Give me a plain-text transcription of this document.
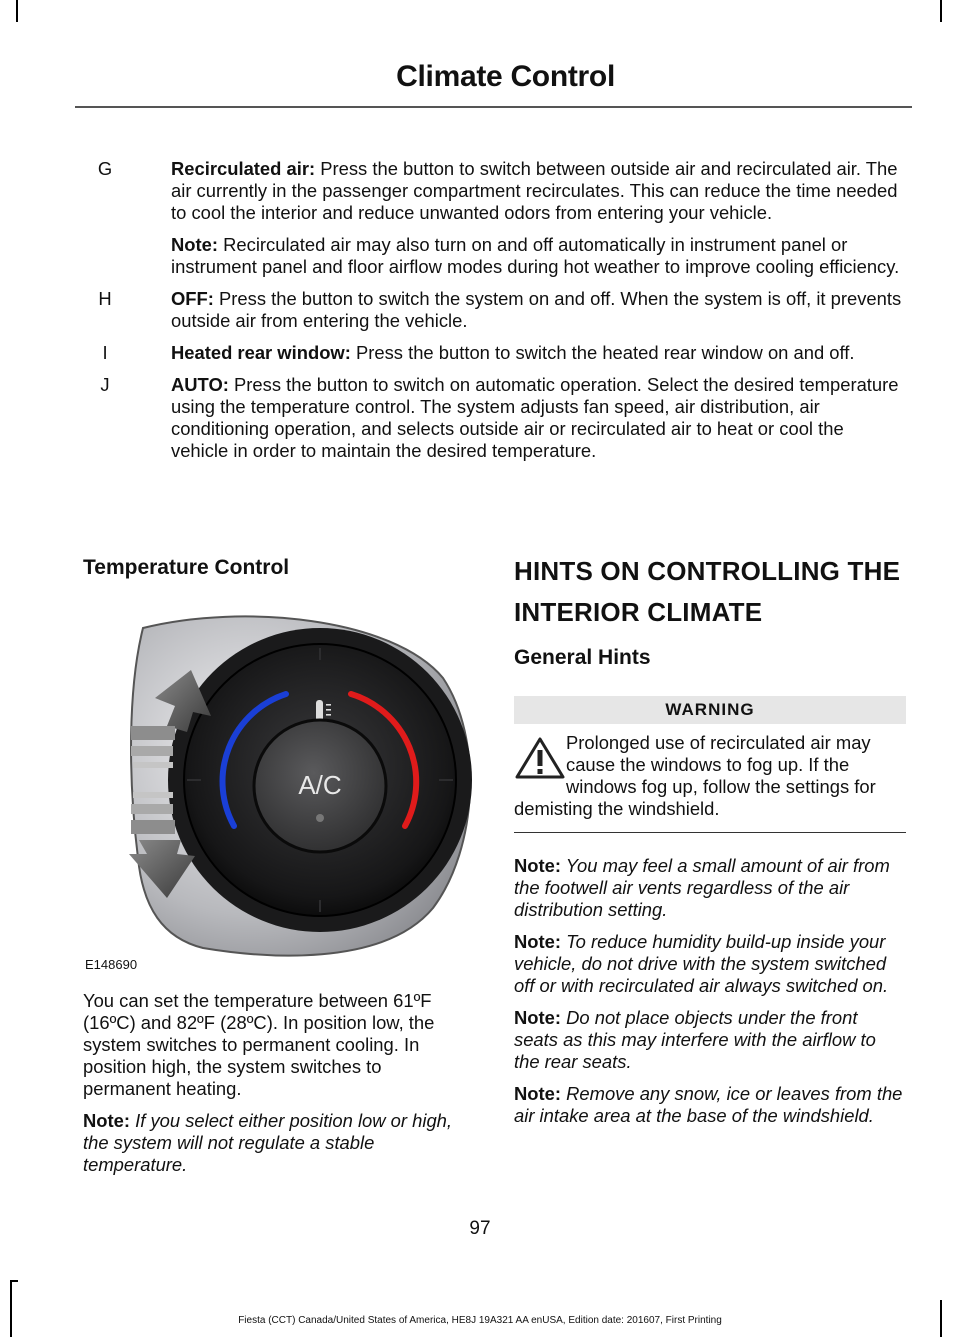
Climate Control
G	Recirculated air: Press the button to switch between outside air and recirculated air. The air currently in the passenger compartment recirculates. This can reduce the time needed to cool the interior and reduce unwanted odors from entering your vehicle.

Note: Recirculated air may also turn on and off automatically in instrument panel or instrument panel and floor airflow modes during hot weather to improve cooling efficiency.

H	OFF: Press the button to switch the system on and off. When the system is off, it prevents outside air from entering the vehicle.

I	Heated rear window: Press the button to switch the heated rear window on and off.

J	AUTO: Press the button to switch on automatic operation. Select the desired temperature using the temperature control. The system adjusts fan speed, air distribution, air conditioning operation, and selects outside air or recirculated air to heat or cool the vehicle in order to maintain the desired temperature.

Temperature Control
A/C
E148690

You can set the temperature between 61ºF (16ºC) and 82ºF (28ºC). In position low, the system switches to permanent cooling. In position high, the system switches to permanent heating.

Note: If you select either position low or high, the system will not regulate a stable temperature.

HINTS ON CONTROLLING THE
INTERIOR CLIMATE
General Hints
WARNING
Prolonged use of recirculated air may cause the windows to fog up. If the windows fog up, follow the settings for demisting the windshield.

Note: You may feel a small amount of air from the footwell air vents regardless of the air distribution setting.

Note: To reduce humidity build-up inside your vehicle, do not drive with the system switched off or with recirculated air always switched on.

Note: Do not place objects under the front seats as this may interfere with the airflow to the rear seats.

Note: Remove any snow, ice or leaves from the air intake area at the base of the windshield.

97
Fiesta (CCT) Canada/United States of America, HE8J 19A321 AA enUSA, Edition date: 201607, First Printing
